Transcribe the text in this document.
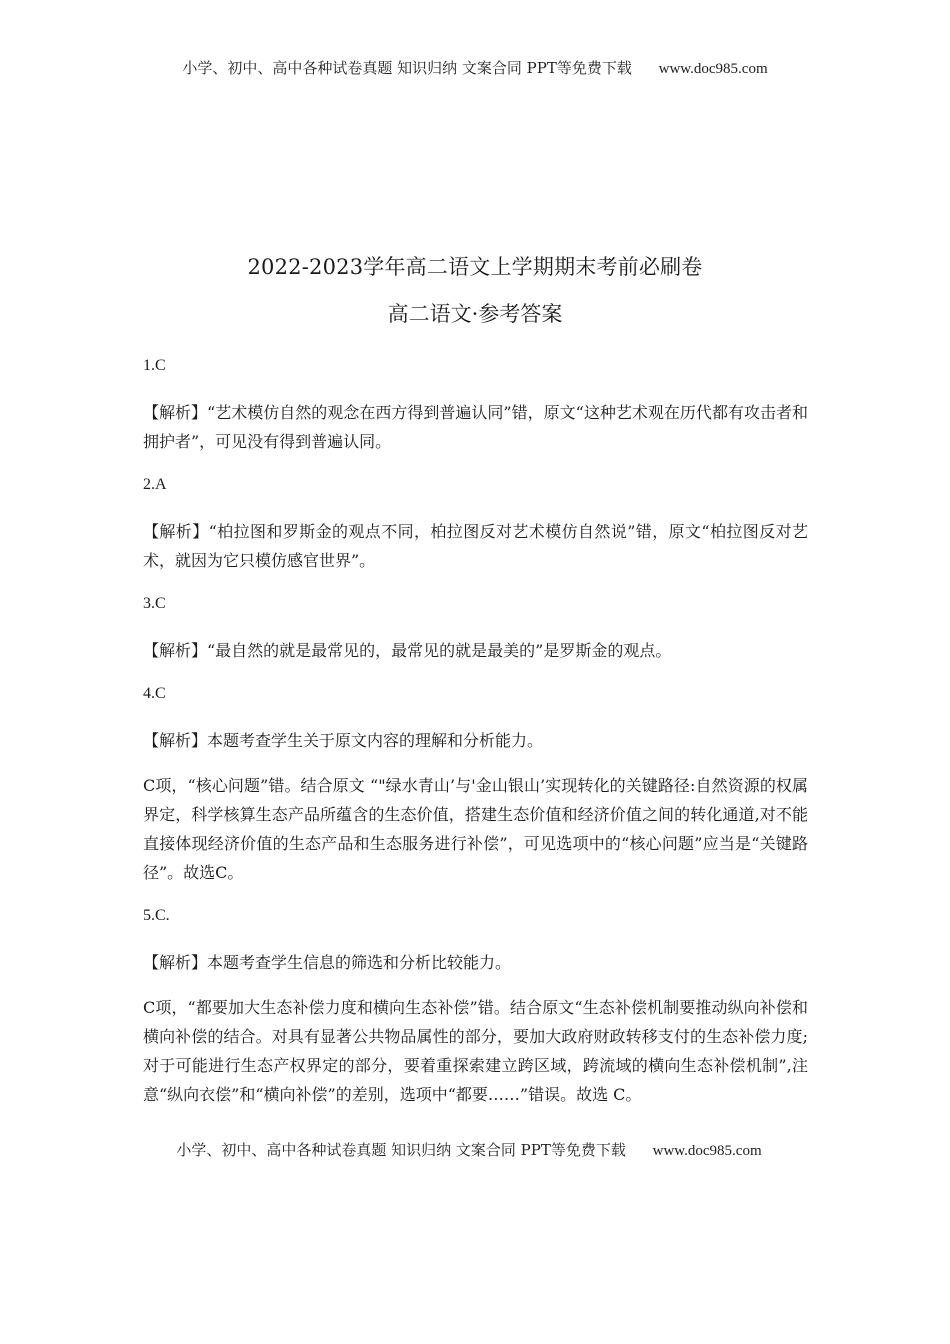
小学、初中、高中各种试卷真题 知识归纳 文案合同 PPT等免费下载 www.doc985.com
2022-2023学年高二语文上学期期末考前必刷卷
高二语文·参考答案
1.C

【解析】“艺术模仿自然的观念在西方得到普遍认同”错，原文“这种艺术观在历代都有攻击者和拥护者”，可见没有得到普遍认同。

2.A

【解析】“柏拉图和罗斯金的观点不同，柏拉图反对艺术模仿自然说”错，原文“柏拉图反对艺术，就因为它只模仿感官世界”。

3.C

【解析】“最自然的就是最常见的，最常见的就是最美的”是罗斯金的观点。

4.C

【解析】本题考查学生关于原文内容的理解和分析能力。

C项，“核心问题”错。结合原文 “"绿水青山’与'金山银山’实现转化的关键路径:自然资源的权属界定，科学核算生态产品所蕴含的生态价值，搭建生态价值和经济价值之间的转化通道,对不能直接体现经济价值的生态产品和生态服务进行补偿”，可见选项中的“核心问题”应当是“关键路径”。故选C。

5.C.

【解析】本题考查学生信息的筛选和分析比较能力。

C项，“都要加大生态补偿力度和横向生态补偿”错。结合原文“生态补偿机制要推动纵向补偿和横向补偿的结合。对具有显著公共物品属性的部分，要加大政府财政转移支付的生态补偿力度;对于可能进行生态产权界定的部分，要着重探索建立跨区域，跨流域的横向生态补偿机制”,注意“纵向衣偿”和“横向补偿”的差别，选项中“都要……”错误。故选 C。

小学、初中、高中各种试卷真题 知识归纳 文案合同 PPT等免费下载 www.doc985.com
